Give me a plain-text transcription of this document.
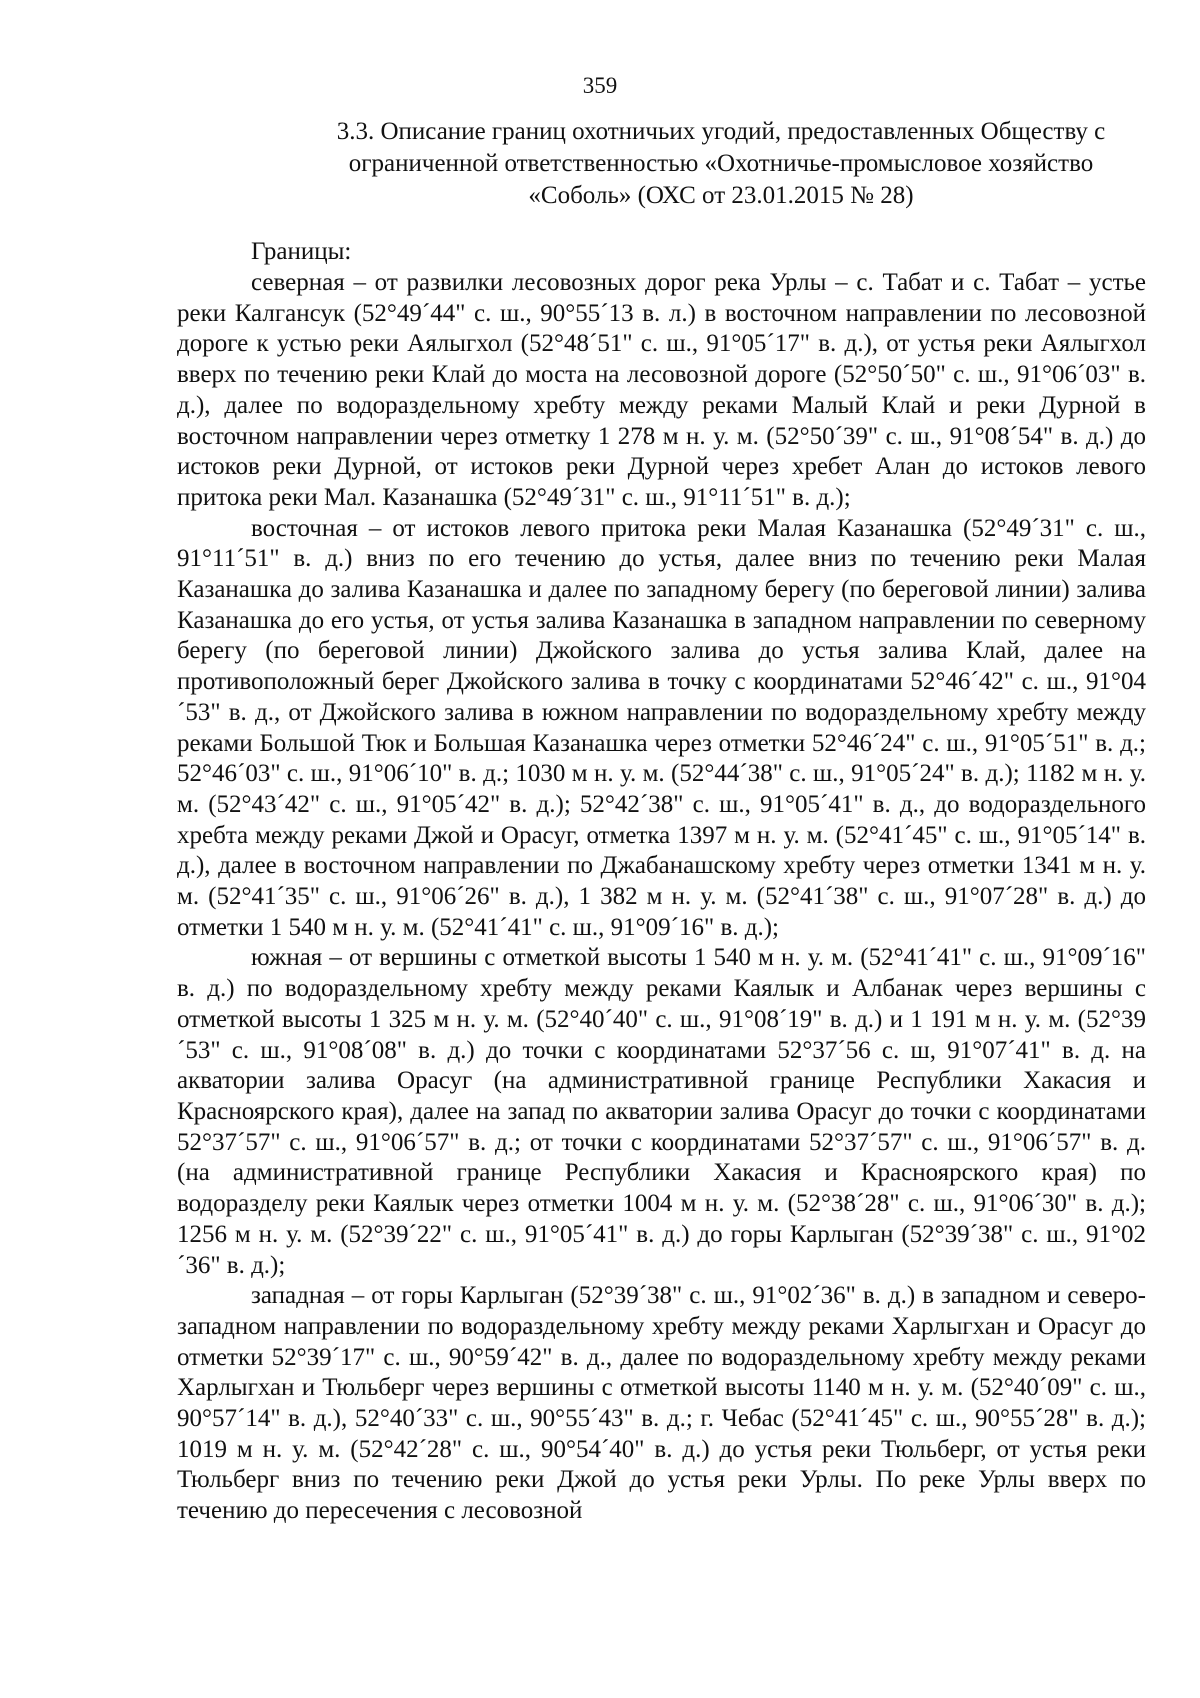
359
3.3. Описание границ охотничьих угодий, предоставленных Обществу с
ограниченной ответственностью «Охотничье-промысловое хозяйство
«Соболь» (ОХС от 23.01.2015 № 28)
Границы:

северная – от развилки лесовозных дорог река Урлы – с. Табат и с. Табат – устье реки Калгансук (52°49´44" с. ш., 90°55´13 в. л.) в восточном направлении по лесовозной дороге к устью реки Аялыгхол (52°48´51" с. ш., 91°05´17" в. д.), от устья реки Аялыгхол вверх по течению реки Клай до моста на лесовозной дороге (52°50´50" с. ш., 91°06´03" в. д.), далее по водораздельному хребту между реками Малый Клай и реки Дурной в восточном направлении через отметку 1 278 м н. у. м. (52°50´39" с. ш., 91°08´54" в. д.) до истоков реки Дурной, от истоков реки Дурной через хребет Алан до истоков левого притока реки Мал. Казанашка (52°49´31" с. ш., 91°11´51" в. д.);

восточная – от истоков левого притока реки Малая Казанашка (52°49´31" с. ш., 91°11´51" в. д.) вниз по его течению до устья, далее вниз по течению реки Малая Казанашка до залива Казанашка и далее по западному берегу (по береговой линии) залива Казанашка до его устья, от устья залива Казанашка в западном направлении по северному берегу (по береговой линии) Джойского залива до устья залива Клай, далее на противоположный берег Джойского залива в точку с координатами 52°46´42" с. ш., 91°04´53" в. д., от Джойского залива в южном направлении по водораздельному хребту между реками Большой Тюк и Большая Казанашка через отметки 52°46´24" с. ш., 91°05´51" в. д.; 52°46´03" с. ш., 91°06´10" в. д.; 1030 м н. у. м. (52°44´38" с. ш., 91°05´24" в. д.); 1182 м н. у. м. (52°43´42" с. ш., 91°05´42" в. д.); 52°42´38" с. ш., 91°05´41" в. д., до водораздельного хребта между реками Джой и Орасуг, отметка 1397 м н. у. м. (52°41´45" с. ш., 91°05´14" в. д.), далее в восточном направлении по Джабанашскому хребту через отметки 1341 м н. у. м. (52°41´35" с. ш., 91°06´26" в. д.), 1 382 м н. у. м. (52°41´38" с. ш., 91°07´28" в. д.) до отметки 1 540 м н. у. м. (52°41´41" с. ш., 91°09´16" в. д.);

южная – от вершины с отметкой высоты 1 540 м н. у. м. (52°41´41" с. ш., 91°09´16" в. д.) по водораздельному хребту между реками Каялык и Албанак через вершины с отметкой высоты 1 325 м н. у. м. (52°40´40" с. ш., 91°08´19" в. д.) и 1 191 м н. у. м. (52°39´53" с. ш., 91°08´08" в. д.) до точки с координатами 52°37´56 с. ш, 91°07´41" в. д. на акватории залива Орасуг (на административной границе Республики Хакасия и Красноярского края), далее на запад по акватории залива Орасуг до точки с координатами 52°37´57" с. ш., 91°06´57" в. д.; от точки с координатами 52°37´57" с. ш., 91°06´57" в. д. (на административной границе Республики Хакасия и Красноярского края) по водоразделу реки Каялык через отметки 1004 м н. у. м. (52°38´28" с. ш., 91°06´30" в. д.); 1256 м н. у. м. (52°39´22" с. ш., 91°05´41" в. д.) до горы Карлыган (52°39´38" с. ш., 91°02´36" в. д.);

западная – от горы Карлыган (52°39´38" с. ш., 91°02´36" в. д.) в западном и северо-западном направлении по водораздельному хребту между реками Харлыгхан и Орасуг до отметки 52°39´17" с. ш., 90°59´42" в. д., далее по водораздельному хребту между реками Харлыгхан и Тюльберг через вершины с отметкой высоты 1140 м н. у. м. (52°40´09" с. ш., 90°57´14" в. д.), 52°40´33" с. ш., 90°55´43" в. д.; г. Чебас (52°41´45" с. ш., 90°55´28" в. д.); 1019 м н. у. м. (52°42´28" с. ш., 90°54´40" в. д.) до устья реки Тюльберг, от устья реки Тюльберг вниз по течению реки Джой до устья реки Урлы. По реке Урлы вверх по течению до пересечения с лесовозной
